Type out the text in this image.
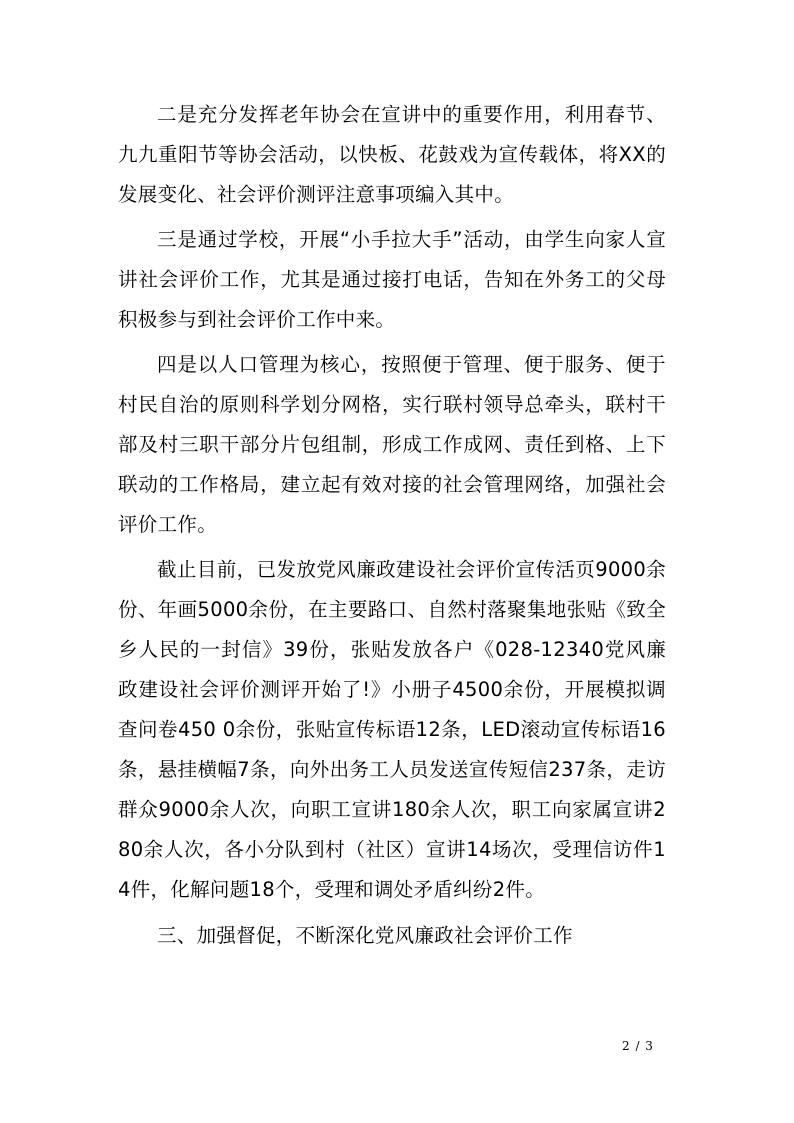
二是充分发挥老年协会在宣讲中的重要作用，利用春节、九九重阳节等协会活动，以快板、花鼓戏为宣传载体，将XX的发展变化、社会评价测评注意事项编入其中。

三是通过学校，开展“小手拉大手”活动，由学生向家人宣讲社会评价工作，尤其是通过接打电话，告知在外务工的父母积极参与到社会评价工作中来。

四是以人口管理为核心，按照便于管理、便于服务、便于村民自治的原则科学划分网格，实行联村领导总牵头，联村干部及村三职干部分片包组制，形成工作成网、责任到格、上下联动的工作格局，建立起有效对接的社会管理网络，加强社会评价工作。

截止目前，已发放党风廉政建设社会评价宣传活页9000余份、年画5000余份，在主要路口、自然村落聚集地张贴《致全乡人民的一封信》39份，张贴发放各户《028-12340党风廉政建设社会评价测评开始了!》小册子4500余份，开展模拟调查问卷450 0余份，张贴宣传标语12条，LED滚动宣传标语16条，悬挂横幅7条，向外出务工人员发送宣传短信237条，走访群众9000余人次，向职工宣讲180余人次，职工向家属宣讲2 80余人次，各小分队到村（社区）宣讲14场次，受理信访件14件，化解问题18个，受理和调处矛盾纠纷2件。

三、加强督促，不断深化党风廉政社会评价工作

2 / 3
